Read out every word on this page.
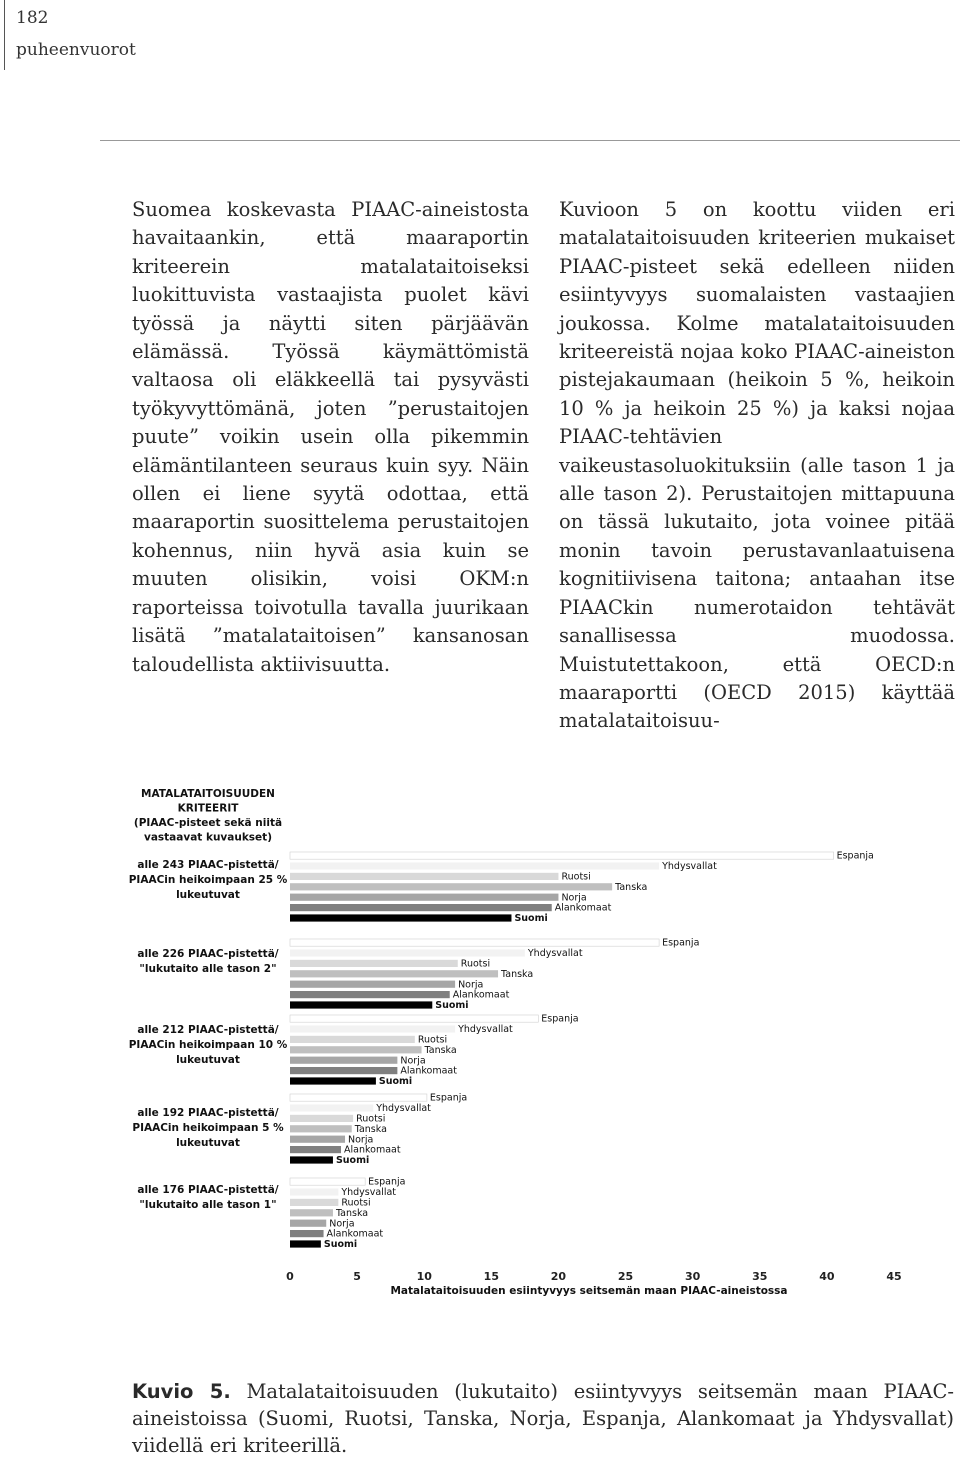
182
puheenvuorot
Suomea koskevasta PIAAC-aineistosta havaitaankin, että maaraportin kriteerein matalataitoiseksi luokittuvista vastaajista puolet kävi työssä ja näytti siten pärjäävän elämässä. Työssä käymättömistä valtaosa oli eläkkeellä tai pysyvästi työkyvyttömänä, joten ”perustaitojen puute” voikin usein olla pikemmin elämäntilanteen seuraus kuin syy. Näin ollen ei liene syytä odottaa, että maaraportin suosittelema perustaitojen kohennus, niin hyvä asia kuin se muuten olisikin, voisi OKM:n raporteissa toivotulla tavalla juurikaan lisätä ”matalataitoisen” kansanosan taloudellista aktiivisuutta.
Kuvioon 5 on koottu viiden eri matalataitoisuuden kriteerien mukaiset PIAAC-pisteet sekä edelleen niiden esiintyvyys suomalaisten vastaajien joukossa. Kolme matalataitoisuuden kriteereistä nojaa koko PIAAC-aineiston pistejakaumaan (heikoin 5 %, heikoin 10 % ja heikoin 25 %) ja kaksi nojaa PIAAC-tehtävien vaikeustasoluokituksiin (alle tason 1 ja alle tason 2). Perustaitojen mittapuuna on tässä lukutaito, jota voinee pitää monin tavoin perustavanlaatuisena kognitiivisena taitona; antaahan itse PIAACkin numerotaidon tehtävät sanallisessa muodossa. Muistutettakoon, että OECD:n maaraportti (OECD 2015) käyttää matalataitoisuu-
MATALATAITOISUUDEN
KRITEERIT
(PIAAC-pisteet sekä niitä
vastaavat kuvaukset)
alle 243 PIAAC-pistettä/
PIAACin heikoimpaan 25 %
lukeutuvat
Espanja
Yhdysvallat
Ruotsi
Tanska
Norja
Alankomaat
Suomi
alle 226 PIAAC-pistettä/
"lukutaito alle tason 2"
Espanja
Yhdysvallat
Ruotsi
Tanska
Norja
Alankomaat
Suomi
alle 212 PIAAC-pistettä/
PIAACin heikoimpaan 10 %
lukeutuvat
Espanja
Yhdysvallat
Ruotsi
Tanska
Norja
Alankomaat
Suomi
alle 192 PIAAC-pistettä/
PIAACin heikoimpaan 5 %
lukeutuvat
Espanja
Yhdysvallat
Ruotsi
Tanska
Norja
Alankomaat
Suomi
alle 176 PIAAC-pistettä/
"lukutaito alle tason 1"
Espanja
Yhdysvallat
Ruotsi
Tanska
Norja
Alankomaat
Suomi
0	5	10	15	20	25	30	35	40	45
Matalataitoisuuden esiintyvyys seitsemän maan PIAAC-aineistossa
Kuvio 5. Matalataitoisuuden (lukutaito) esiintyvyys seitsemän maan PIAAC-aineistoissa (Suomi, Ruotsi, Tanska, Norja, Espanja, Alankomaat ja Yhdysvallat) viidellä eri kriteerillä.
